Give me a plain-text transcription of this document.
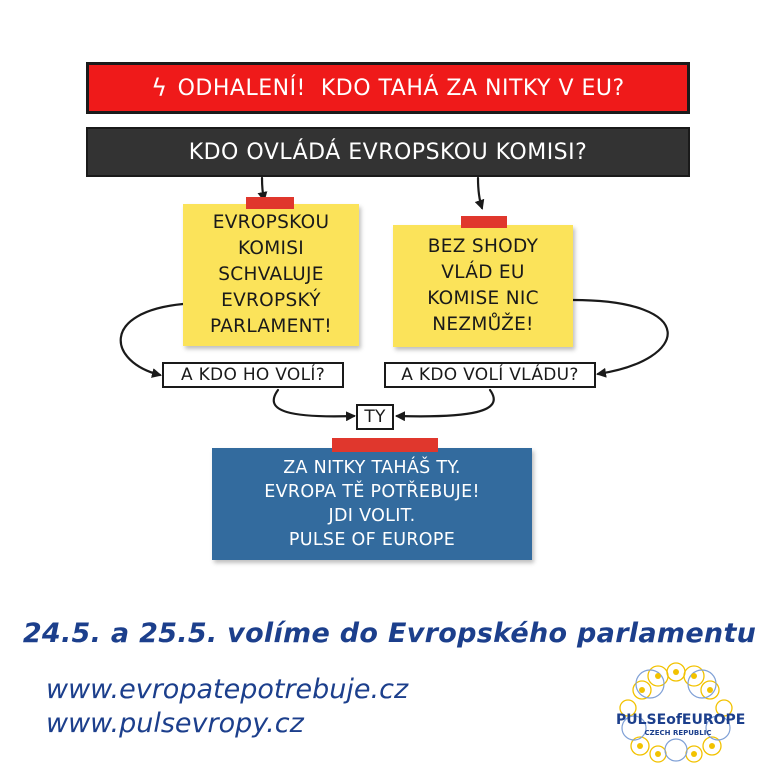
ϟ ODHALENÍ!  KDO TAHÁ ZA NITKY V EU?
KDO OVLÁDÁ EVROPSKOU KOMISI?
EVROPSKOU
KOMISI
SCHVALUJE
EVROPSKÝ
PARLAMENT!
BEZ SHODY
VLÁD EU
KOMISE NIC
NEZMŮŽE!
A KDO HO VOLÍ?	A KDO VOLÍ VLÁDU?
TY
ZA NITKY TAHÁŠ TY.
EVROPA TĚ POTŘEBUJE!
JDI VOLIT.
PULSE OF EUROPE
24.5. a 25.5. volíme do Evropského parlamentu
www.evropatepotrebuje.cz
www.pulsevropy.cz	PULSEofEUROPE
CZECH REPUBLIC
